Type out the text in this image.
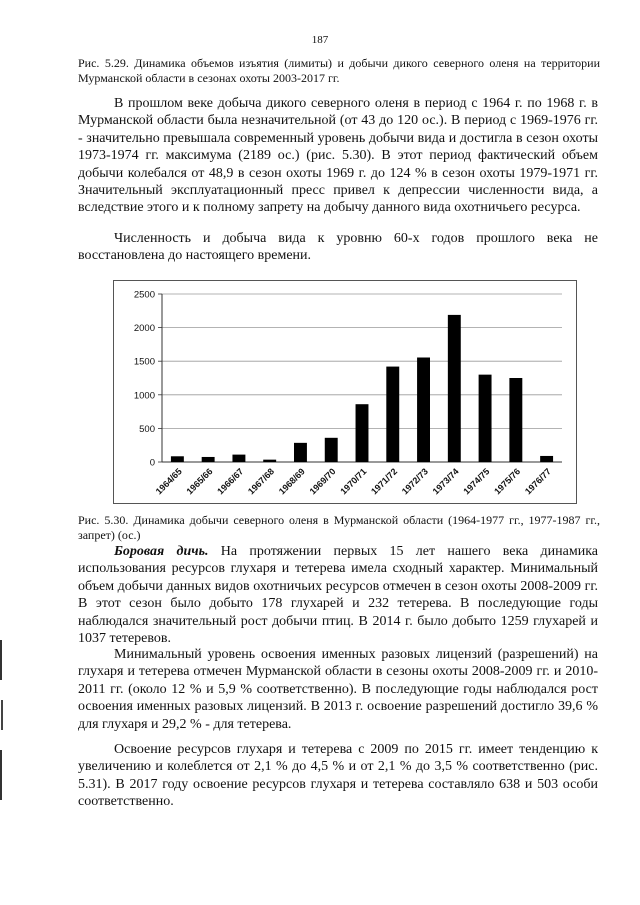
187
Рис. 5.29. Динамика объемов изъятия (лимиты) и добычи дикого северного оленя на территории Мурманской области в сезонах охоты 2003-2017 гг.

В прошлом веке добыча дикого северного оленя в период с 1964 г. по 1968 г. в Мурманской области была незначительной (от 43 до 120 ос.). В период с 1969-1976 гг. - значительно превышала современный уровень добычи вида и достигла в сезон охоты 1973-1974 гг. максимума (2189 ос.) (рис. 5.30). В этот период фактический объем добычи колебался от 48,9 в сезон охоты 1969 г. до 124 % в сезон охоты 1979-1971 гг. Значительный эксплуатационный пресс привел к депрессии численности вида, а вследствие этого и к полному запрету на добычу данного вида охотничьего ресурса.

Численность и добыча вида к уровню 60-х годов прошлого века не восстановлена до настоящего времени.

0
500
1000
1500
2000
2500
1964/65 1965/66 1966/67 1967/68 1968/69 1969/70 1970/71 1971/72 1972/73 1973/74 1974/75 1975/76 1976/77
Рис. 5.30. Динамика добычи северного оленя в Мурманской области (1964-1977 гг., 1977-1987 гг., запрет) (ос.)

Боровая дичь. На протяжении первых 15 лет нашего века динамика использования ресурсов глухаря и тетерева имела сходный характер. Минимальный объем добычи данных видов охотничьих ресурсов отмечен в сезон охоты 2008-2009 гг. В этот сезон было добыто 178 глухарей и 232 тетерева. В последующие годы наблюдался значительный рост добычи птиц. В 2014 г. было добыто 1259 глухарей и 1037 тетеревов.

Минимальный уровень освоения именных разовых лицензий (разрешений) на глухаря и тетерева отмечен Мурманской области в сезоны охоты 2008-2009 гг. и 2010-2011 гг. (около 12 % и 5,9 % соответственно). В последующие годы наблюдался рост освоения именных разовых лицензий. В 2013 г. освоение разрешений достигло 39,6 % для глухаря и 29,2 % - для тетерева.

Освоение ресурсов глухаря и тетерева с 2009 по 2015 гг. имеет тенденцию к увеличению и колеблется от 2,1 % до 4,5 % и от 2,1 % до 3,5 % соответственно (рис. 5.31). В 2017 году освоение ресурсов глухаря и тетерева составляло 638 и 503 особи соответственно.
